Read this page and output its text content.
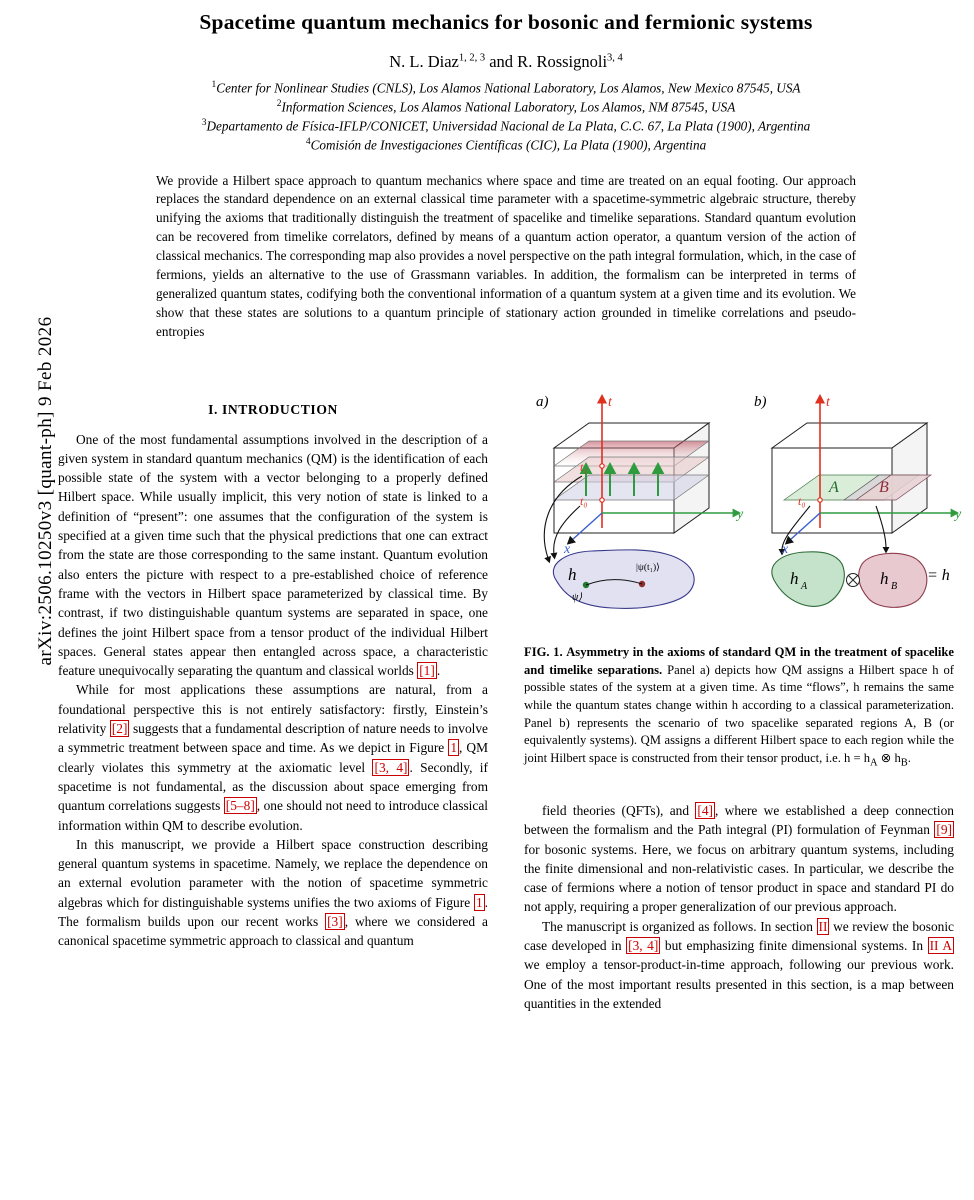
arXiv:2506.10250v3 [quant-ph] 9 Feb 2026
Spacetime quantum mechanics for bosonic and fermionic systems
N. L. Diaz$^{1, 2, 3}$ and R. Rossignoli$^{3, 4}$
$^1$Center for Nonlinear Studies (CNLS), Los Alamos National Laboratory, Los Alamos, New Mexico 87545, USA
$^2$Information Sciences, Los Alamos National Laboratory, Los Alamos, NM 87545, USA
$^3$Departamento de Física-IFLP/CONICET, Universidad Nacional de La Plata, C.C. 67, La Plata (1900), Argentina
$^4$Comisión de Investigaciones Científicas (CIC), La Plata (1900), Argentina
We provide a Hilbert space approach to quantum mechanics where space and time are treated on an equal footing. Our approach replaces the standard dependence on an external classical time parameter with a spacetime-symmetric algebraic structure, thereby unifying the axioms that traditionally distinguish the treatment of spacelike and timelike separations. Standard quantum evolution can be recovered from timelike correlators, defined by means of a quantum action operator, a quantum version of the action of classical mechanics. The corresponding map also provides a novel perspective on the path integral formulation, which, in the case of fermions, yields an alternative to the use of Grassmann variables. In addition, the formalism can be interpreted in terms of generalized quantum states, codifying both the conventional information of a quantum system at a given time and its evolution. We show that these states are solutions to a quantum principle of stationary action grounded in timelike correlations and pseudo-entropies
I. INTRODUCTION

One of the most fundamental assumptions involved in the description of a given system in standard quantum mechanics (QM) is the identification of each possible state of the system with a vector belonging to a properly defined Hilbert space. While usually implicit, this very notion of state is linked to a definition of “present”: one assumes that the configuration of the system is specified at a given time such that the physical predictions that one can extract from the state are those corresponding to the same instant. Quantum evolution also enters the picture with respect to a pre-established choice of reference frame with the vectors in Hilbert space parameterized by classical time. By contrast, if two distinguishable quantum systems are separated in space, one defines the joint Hilbert space from a tensor product of the individual Hilbert spaces. General states appear then entangled across space, a characteristic feature unequivocally separating the quantum and classical worlds [1] .

While for most applications these assumptions are natural, from a foundational perspective this is not entirely satisfactory: firstly, Einstein’s relativity [2] suggests that a fundamental description of nature needs to involve a symmetric treatment between space and time. As we depict in Figure 1 , QM clearly violates this symmetry at the axiomatic level [3, 4] . Secondly, if spacetime is not fundamental, as the discussion about space emerging from quantum correlations suggests [5–8] , one should not need to introduce classical information within QM to describe evolution.

In this manuscript, we provide a Hilbert space construction describing general quantum systems in spacetime. Namely, we replace the dependence on an external evolution parameter with the notion of spacetime symmetric algebras which for distinguishable systems unifies the two axioms of Figure 1 . The formalism builds upon our recent works [3] , where we considered a canonical spacetime symmetric approach to classical and quantum

a)	t
y
x
t₁
t₀
h
ψ⟩
|ψ(t₁)⟩
b)	t
y
x
t₀
A	B
h A	h B
= h
FIG. 1. Asymmetry in the axioms of standard QM in the treatment of spacelike and timelike separations. Panel a) depicts how QM assigns a Hilbert space h of possible states of the system at a given time. As time “flows”, h remains the same while the quantum states change within h according to a classical parameterization. Panel b) represents the scenario of two spacelike separated regions A, B (or equivalently systems). QM assigns a different Hilbert space to each region while the joint Hilbert space is constructed from their tensor product, i.e. $h = h_A$ ⊗ $h_B$.

field theories (QFTs), and [4] , where we established a deep connection between the formalism and the Path integral (PI) formulation of Feynman [9] for bosonic systems. Here, we focus on arbitrary quantum systems, including the finite dimensional and non-relativistic cases. In particular, we describe the case of fermions where a notion of tensor product in space and standard PI do not apply, requiring a proper generalization of our previous approach.

The manuscript is organized as follows. In section II we review the bosonic case developed in [3, 4] but emphasizing finite dimensional systems. In II A we employ a tensor-product-in-time approach, following our previous work. One of the most important results presented in this section, is a map between quantities in the extended
